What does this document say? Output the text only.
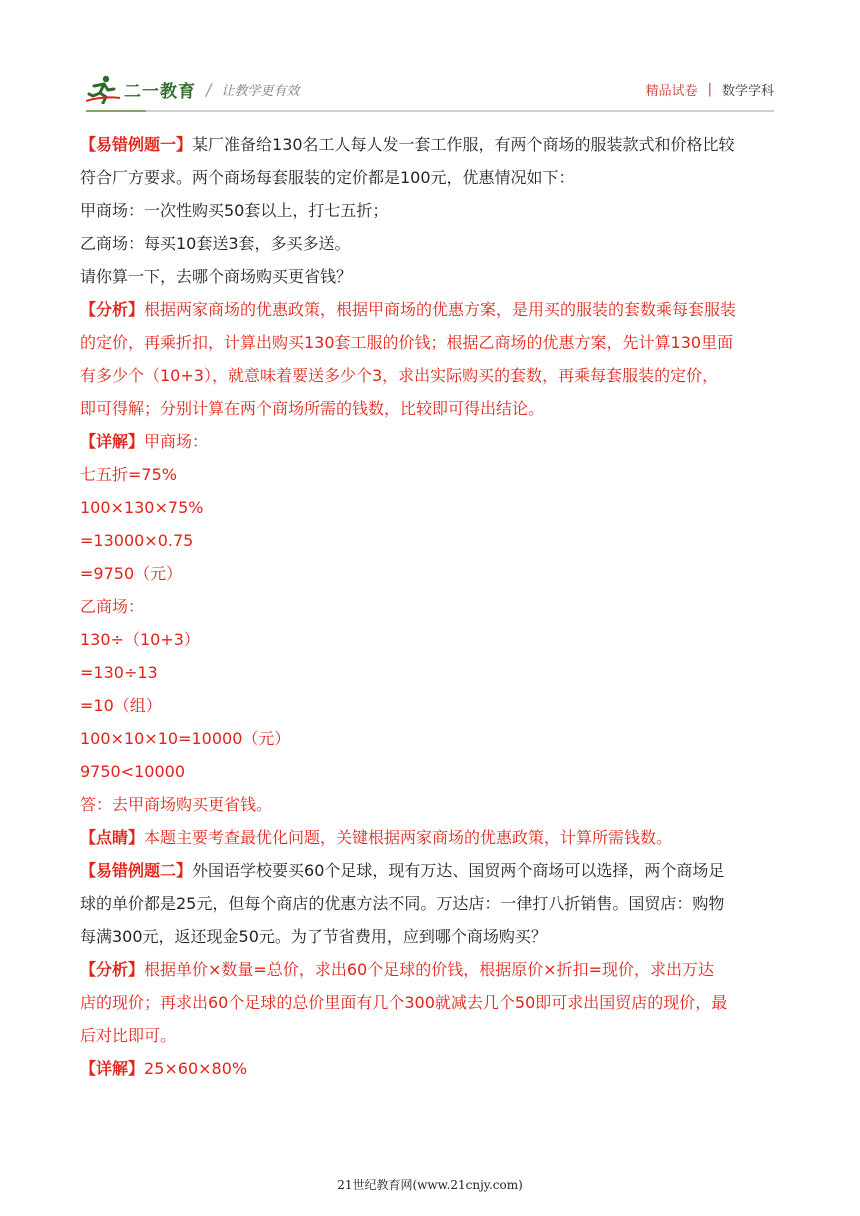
二一教育 / 让教学更有效	精品试卷 | 数学学科

【易错例题一】某厂准备给130名工人每人发一套工作服，有两个商场的服装款式和价格比较

符合厂方要求。两个商场每套服装的定价都是100元，优惠情况如下：

甲商场：一次性购买50套以上，打七五折；

乙商场：每买10套送3套，多买多送。

请你算一下，去哪个商场购买更省钱？

【分析】根据两家商场的优惠政策，根据甲商场的优惠方案，是用买的服装的套数乘每套服装

的定价，再乘折扣，计算出购买130套工服的价钱；根据乙商场的优惠方案，先计算130里面

有多少个（10+3），就意味着要送多少个3，求出实际购买的套数，再乘每套服装的定价，

即可得解；分别计算在两个商场所需的钱数，比较即可得出结论。

【详解】甲商场：

七五折=75%

100×130×75%

=13000×0.75

=9750（元）

乙商场：

130÷（10+3）

=130÷13

=10（组）

100×10×10=10000（元）

9750<10000

答：去甲商场购买更省钱。

【点睛】本题主要考查最优化问题，关键根据两家商场的优惠政策，计算所需钱数。

【易错例题二】外国语学校要买60个足球，现有万达、国贸两个商场可以选择，两个商场足

球的单价都是25元，但每个商店的优惠方法不同。万达店：一律打八折销售。国贸店：购物

每满300元，返还现金50元。为了节省费用，应到哪个商场购买？

【分析】根据单价×数量=总价，求出60个足球的价钱，根据原价×折扣=现价，求出万达

店的现价；再求出60个足球的总价里面有几个300就减去几个50即可求出国贸店的现价，最

后对比即可。

【详解】25×60×80%

21世纪教育网(www.21cnjy.com)
